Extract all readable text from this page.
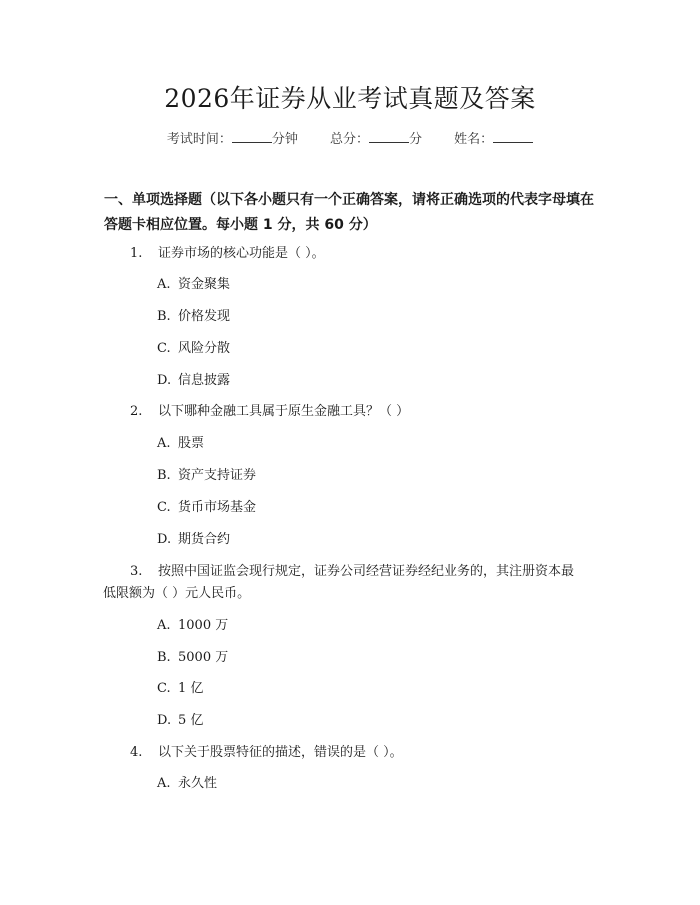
2026年证券从业考试真题及答案
考试时间：	分钟 总分：	分 姓名：
一、单项选择题（以下各小题只有一个正确答案，请将正确选项的代表字母填在
答题卡相应位置。每小题 1 分，共 60 分）
1. 证券市场的核心功能是（ ）。
A. 资金聚集
B. 价格发现
C. 风险分散
D. 信息披露
2. 以下哪种金融工具属于原生金融工具？（ ）
A. 股票
B. 资产支持证券
C. 货币市场基金
D. 期货合约
3. 按照中国证监会现行规定，证券公司经营证券经纪业务的，其注册资本最
低限额为（ ）元人民币。
A. 1000 万
B. 5000 万
C. 1 亿
D. 5 亿
4. 以下关于股票特征的描述，错误的是（ ）。
A. 永久性
